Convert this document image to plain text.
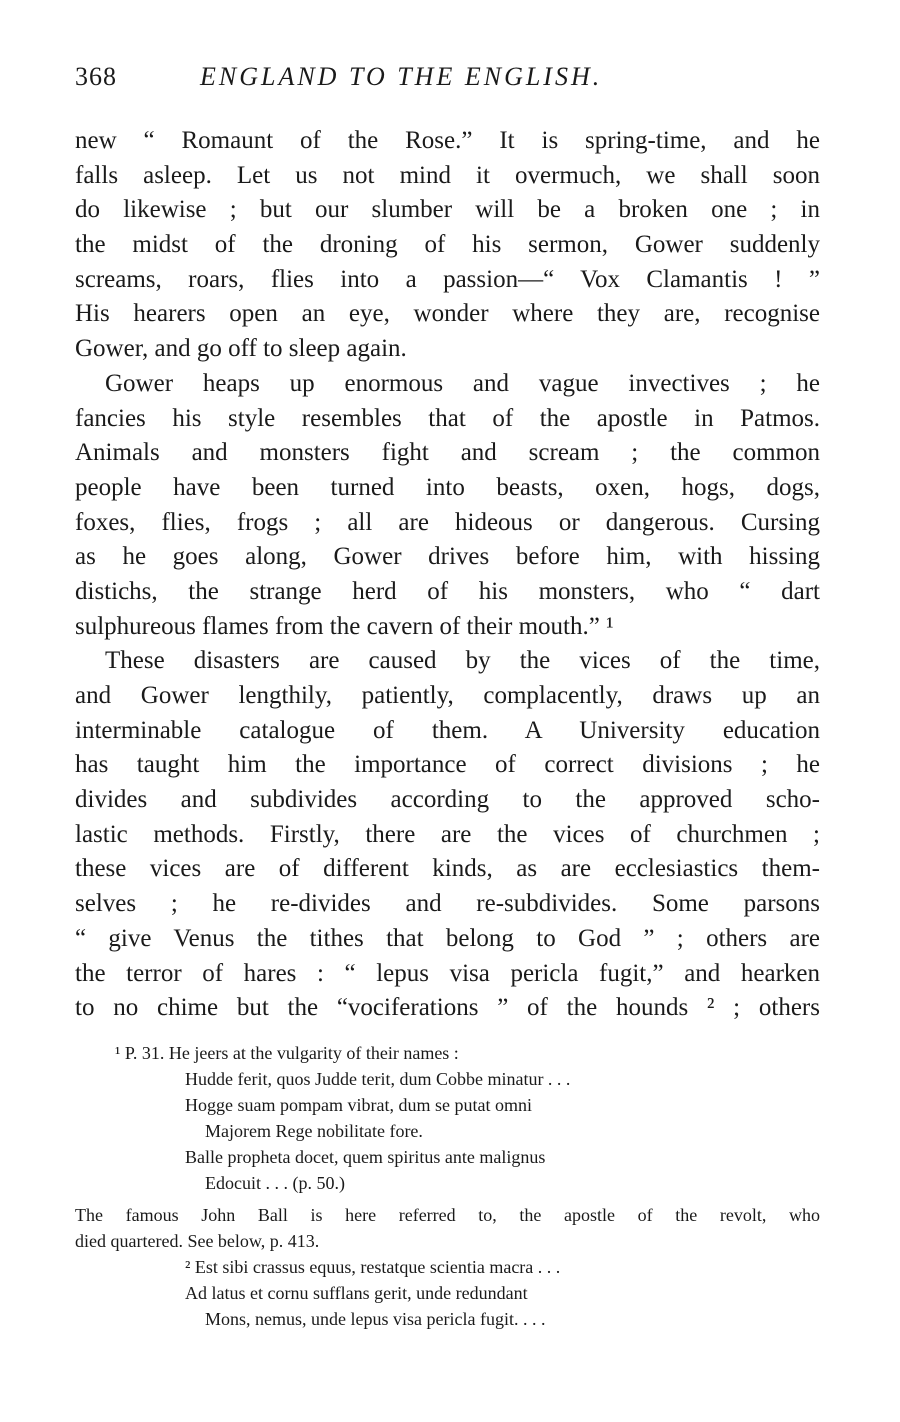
368	ENGLAND TO THE ENGLISH.
new “ Romaunt of the Rose.” It is spring-time, and he
falls asleep. Let us not mind it overmuch, we shall soon
do likewise ; but our slumber will be a broken one ; in
the midst of the droning of his sermon, Gower suddenly
screams, roars, flies into a passion—“ Vox Clamantis ! ”
His hearers open an eye, wonder where they are, recognise
Gower, and go off to sleep again.
Gower heaps up enormous and vague invectives ; he
fancies his style resembles that of the apostle in Patmos.
Animals and monsters fight and scream ; the common
people have been turned into beasts, oxen, hogs, dogs,
foxes, flies, frogs ; all are hideous or dangerous. Cursing
as he goes along, Gower drives before him, with hissing
distichs, the strange herd of his monsters, who “ dart
sulphureous flames from the cavern of their mouth.” ¹
These disasters are caused by the vices of the time,
and Gower lengthily, patiently, complacently, draws up an
interminable catalogue of them. A University education
has taught him the importance of correct divisions ; he
divides and subdivides according to the approved scho-
lastic methods. Firstly, there are the vices of churchmen ;
these vices are of different kinds, as are ecclesiastics them-
selves ; he re-divides and re-subdivides. Some parsons
“ give Venus the tithes that belong to God ” ; others are
the terror of hares : “ lepus visa pericla fugit,” and hearken
to no chime but the “vociferations ” of the hounds ² ; others
¹ P. 31. He jeers at the vulgarity of their names :
Hudde ferit, quos Judde terit, dum Cobbe minatur . . .
Hogge suam pompam vibrat, dum se putat omni
Majorem Rege nobilitate fore.
Balle propheta docet, quem spiritus ante malignus
Edocuit . . . (p. 50.)
The famous John Ball is here referred to, the apostle of the revolt, who
died quartered. See below, p. 413.
² Est sibi crassus equus, restatque scientia macra . . .
Ad latus et cornu sufflans gerit, unde redundant
Mons, nemus, unde lepus visa pericla fugit. . . .
